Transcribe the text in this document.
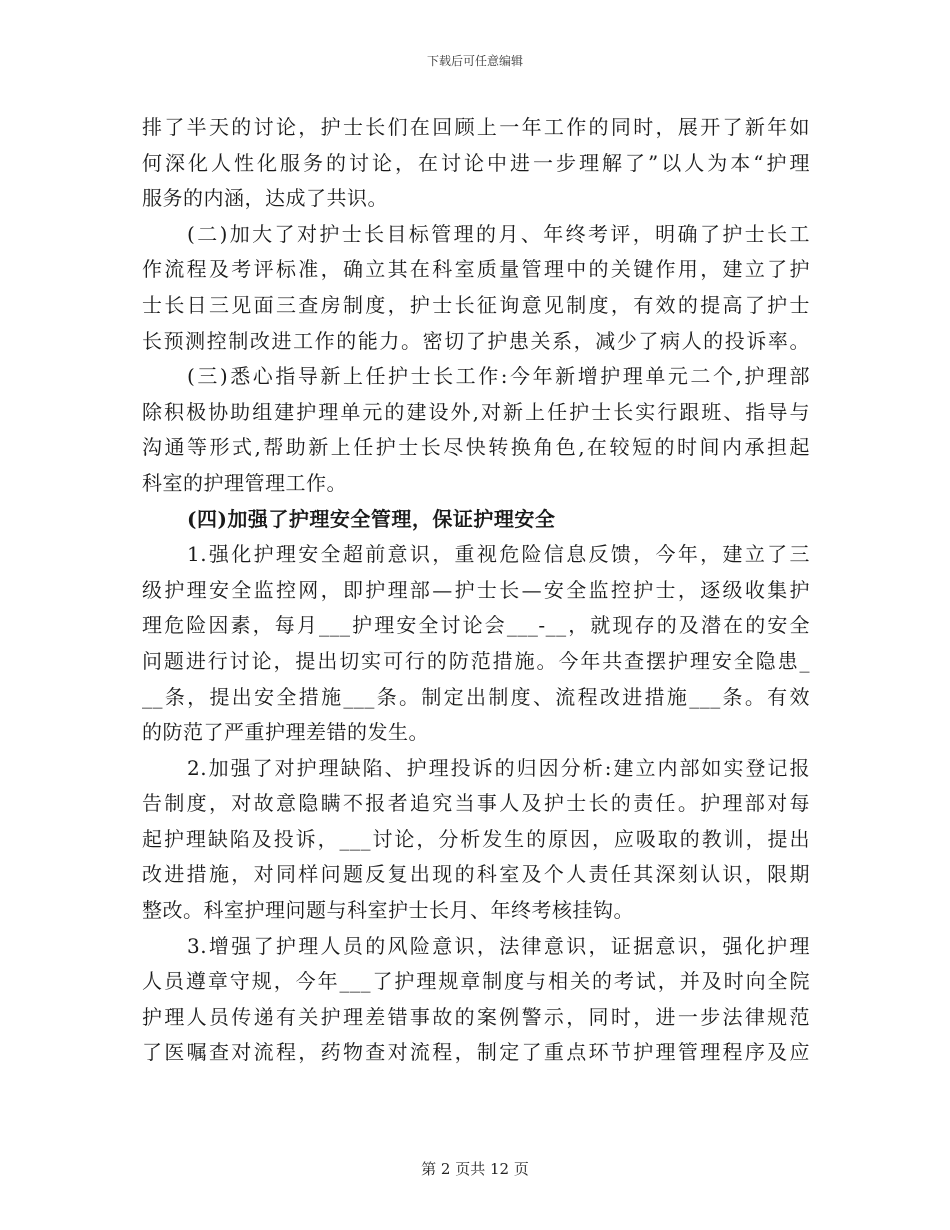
下载后可任意编辑
排了半天的讨论，护士长们在回顾上一年工作的同时，展开了新年如
何深化人性化服务的讨论，在讨论中进一步理解了”以人为本“护理
服务的内涵，达成了共识。
(二)加大了对护士长目标管理的月、年终考评，明确了护士长工
作流程及考评标准，确立其在科室质量管理中的关键作用，建立了护
士长日三见面三查房制度，护士长征询意见制度，有效的提高了护士
长预测控制改进工作的能力。密切了护患关系，减少了病人的投诉率。
(三)悉心指导新上任护士长工作:今年新增护理单元二个,护理部
除积极协助组建护理单元的建设外,对新上任护士长实行跟班、指导与
沟通等形式,帮助新上任护士长尽快转换角色,在较短的时间内承担起
科室的护理管理工作。
(四)加强了护理安全管理，保证护理安全
1.强化护理安全超前意识，重视危险信息反馈，今年，建立了三
级护理安全监控网，即护理部—护士长—安全监控护士，逐级收集护
理危险因素，每月___护理安全讨论会___-__，就现存的及潜在的安全
问题进行讨论，提出切实可行的防范措施。今年共查摆护理安全隐患_
__条，提出安全措施___条。制定出制度、流程改进措施___条。有效
的防范了严重护理差错的发生。
2.加强了对护理缺陷、护理投诉的归因分析:建立内部如实登记报
告制度，对故意隐瞒不报者追究当事人及护士长的责任。护理部对每
起护理缺陷及投诉，___讨论，分析发生的原因，应吸取的教训，提出
改进措施，对同样问题反复出现的科室及个人责任其深刻认识，限期
整改。科室护理问题与科室护士长月、年终考核挂钩。
3.增强了护理人员的风险意识，法律意识，证据意识，强化护理
人员遵章守规，今年___了护理规章制度与相关的考试，并及时向全院
护理人员传递有关护理差错事故的案例警示，同时，进一步法律规范
了医嘱查对流程，药物查对流程，制定了重点环节护理管理程序及应
第 2 页共 12 页
